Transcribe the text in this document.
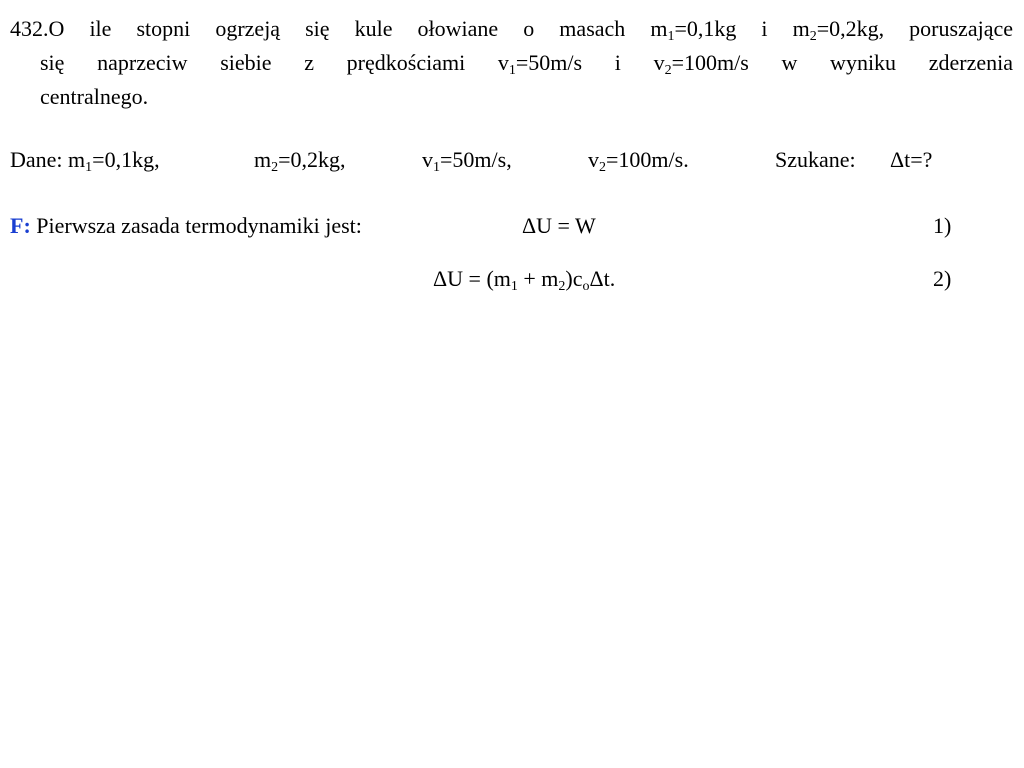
432.O ile stopni ogrzeją się kule ołowiane o masach $m_1=0,1kg$ i $m_2=0,2kg$, poruszające
się naprzeciw siebie z prędkościami $v_1=50m/s$ i $v_2=100m/s$ w wyniku zderzenia
centralnego.
Dane: $m_1=0,1kg$,	$m_2=0,2kg$,	$v_1=50m/s$,	$v_2=100m/s$.	Szukane: Δt=?
F: Pierwsza zasada termodynamiki jest:	ΔU = W	1)
$\Delta U = (m_1 + m_2)c_o\Delta t$.	2)
